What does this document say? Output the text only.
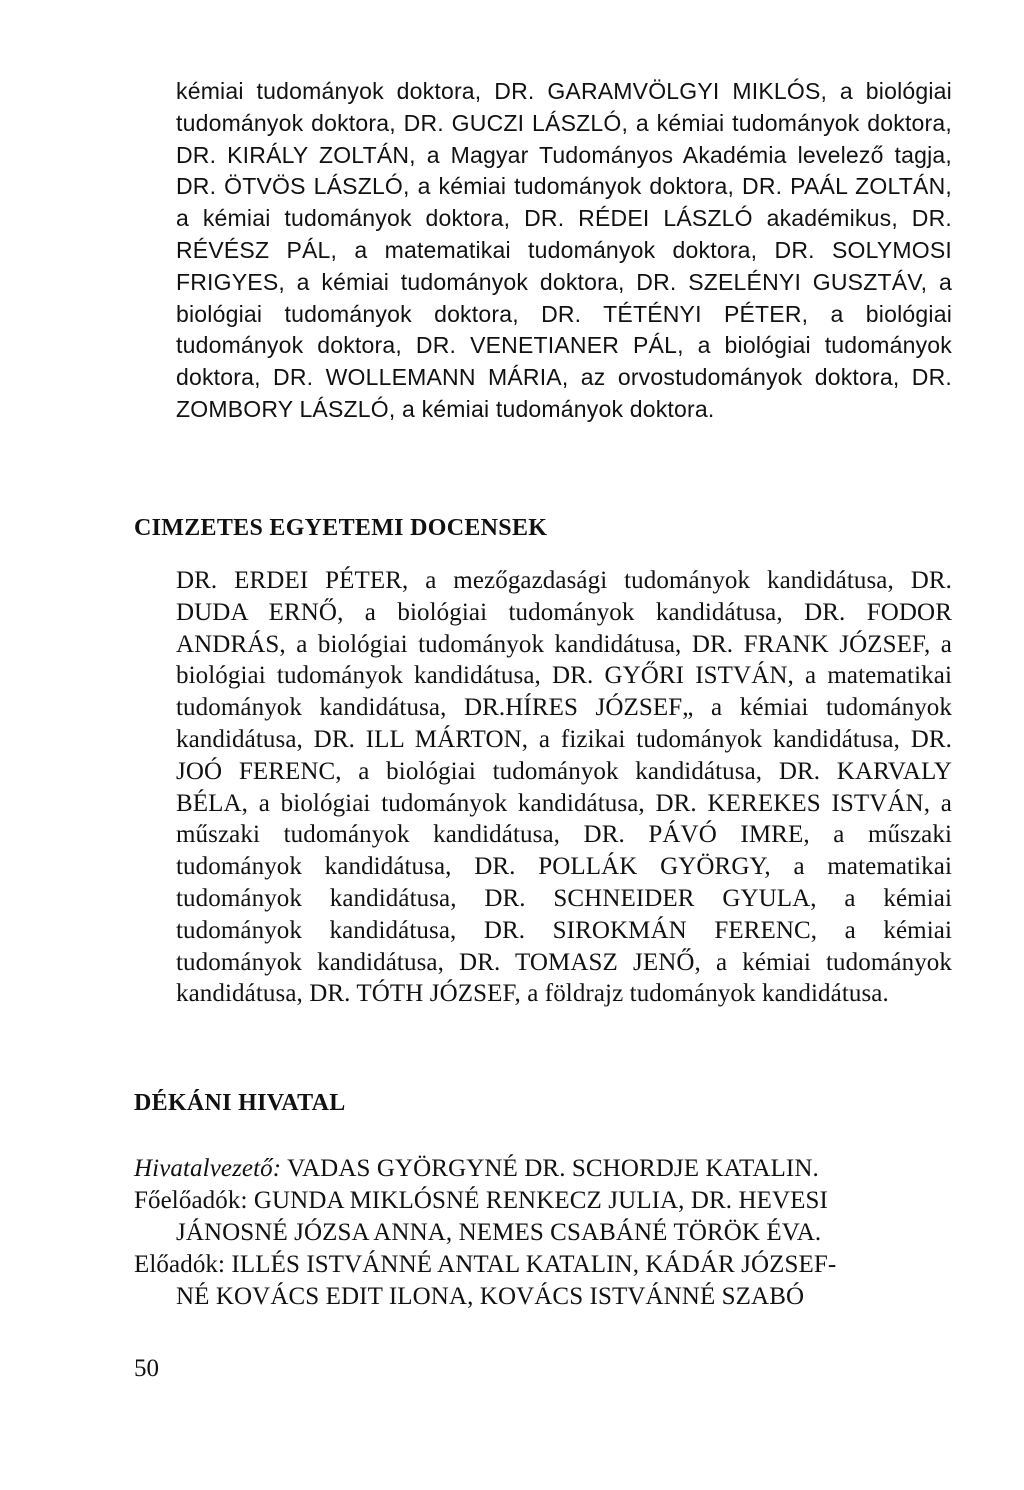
kémiai tudományok doktora, DR. GARAMVÖLGYI MIKLÓS, a biológiai tudományok doktora, DR. GUCZI LÁSZLÓ, a kémiai tudományok doktora, DR. KIRÁLY ZOLTÁN, a Magyar Tudományos Akadémia levelező tagja, DR. ÖTVÖS LÁSZLÓ, a kémiai tudományok doktora, DR. PAÁL ZOLTÁN, a kémiai tudományok doktora, DR. RÉDEI LÁSZLÓ akadémikus, DR. RÉVÉSZ PÁL, a matematikai tudományok doktora, DR. SOLYMOSI FRIGYES, a kémiai tudományok doktora, DR. SZELÉNYI GUSZTÁV, a biológiai tudományok doktora, DR. TÉTÉNYI PÉTER, a biológiai tudományok doktora, DR. VENETIANER PÁL, a biológiai tudományok doktora, DR. WOLLEMANN MÁRIA, az orvostudományok doktora, DR. ZOMBORY LÁSZLÓ, a kémiai tudományok doktora.

CIMZETES EGYETEMI DOCENSEK

DR. ERDEI PÉTER, a mezőgazdasági tudományok kandidátusa, DR. DUDA ERNŐ, a biológiai tudományok kandidátusa, DR. FODOR ANDRÁS, a biológiai tudományok kandidátusa, DR. FRANK JÓZSEF, a biológiai tudományok kandidátusa, DR. GYŐRI ISTVÁN, a matematikai tudományok kandidátusa, DR.HÍRES JÓZSEF„ a kémiai tudományok kandidátusa, DR. ILL MÁRTON, a fizikai tudományok kandidátusa, DR. JOÓ FERENC, a biológiai tudományok kandidátusa, DR. KARVALY BÉLA, a biológiai tudományok kandidátusa, DR. KEREKES ISTVÁN, a műszaki tudományok kandidátusa, DR. PÁVÓ IMRE, a műszaki tudományok kandidátusa, DR. POLLÁK GYÖRGY, a matematikai tudományok kandidátusa, DR. SCHNEIDER GYULA, a kémiai tudományok kandidátusa, DR. SIROKMÁN FERENC, a kémiai tudományok kandidátusa, DR. TOMASZ JENŐ, a kémiai tudományok kandidátusa, DR. TÓTH JÓZSEF, a földrajz tudományok kandidátusa.

DÉKÁNI HIVATAL

Hivatalvezető: VADAS GYÖRGYNÉ DR. SCHORDJE KATALIN.

Főelőadók: GUNDA MIKLÓSNÉ RENKECZ JULIA, DR. HEVESI
JÁNOSNÉ JÓZSA ANNA, NEMES CSABÁNÉ TÖRÖK ÉVA.

Előadók: ILLÉS ISTVÁNNÉ ANTAL KATALIN, KÁDÁR JÓZSEF-
NÉ KOVÁCS EDIT ILONA, KOVÁCS ISTVÁNNÉ SZABÓ

50
